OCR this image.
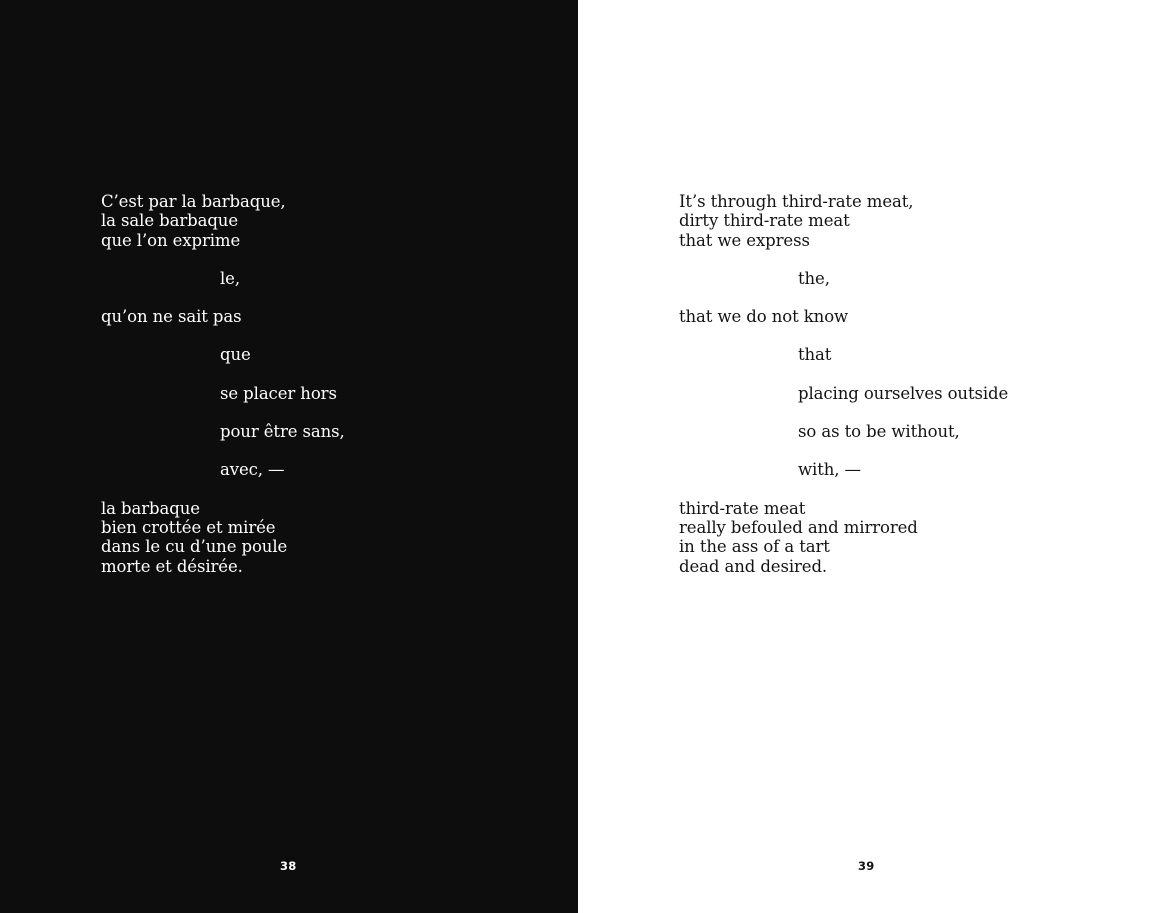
C’est par la barbaque,
la sale barbaque
que l’on exprime
le,
qu’on ne sait pas
que
se placer hors
pour être sans,
avec, —
la barbaque
bien crottée et mirée
dans le cu d’une poule
morte et désirée.
38
It’s through third-rate meat,
dirty third-rate meat
that we express
the,
that we do not know
that
placing ourselves outside
so as to be without,
with, —
third-rate meat
really befouled and mirrored
in the ass of a tart
dead and desired.
39
